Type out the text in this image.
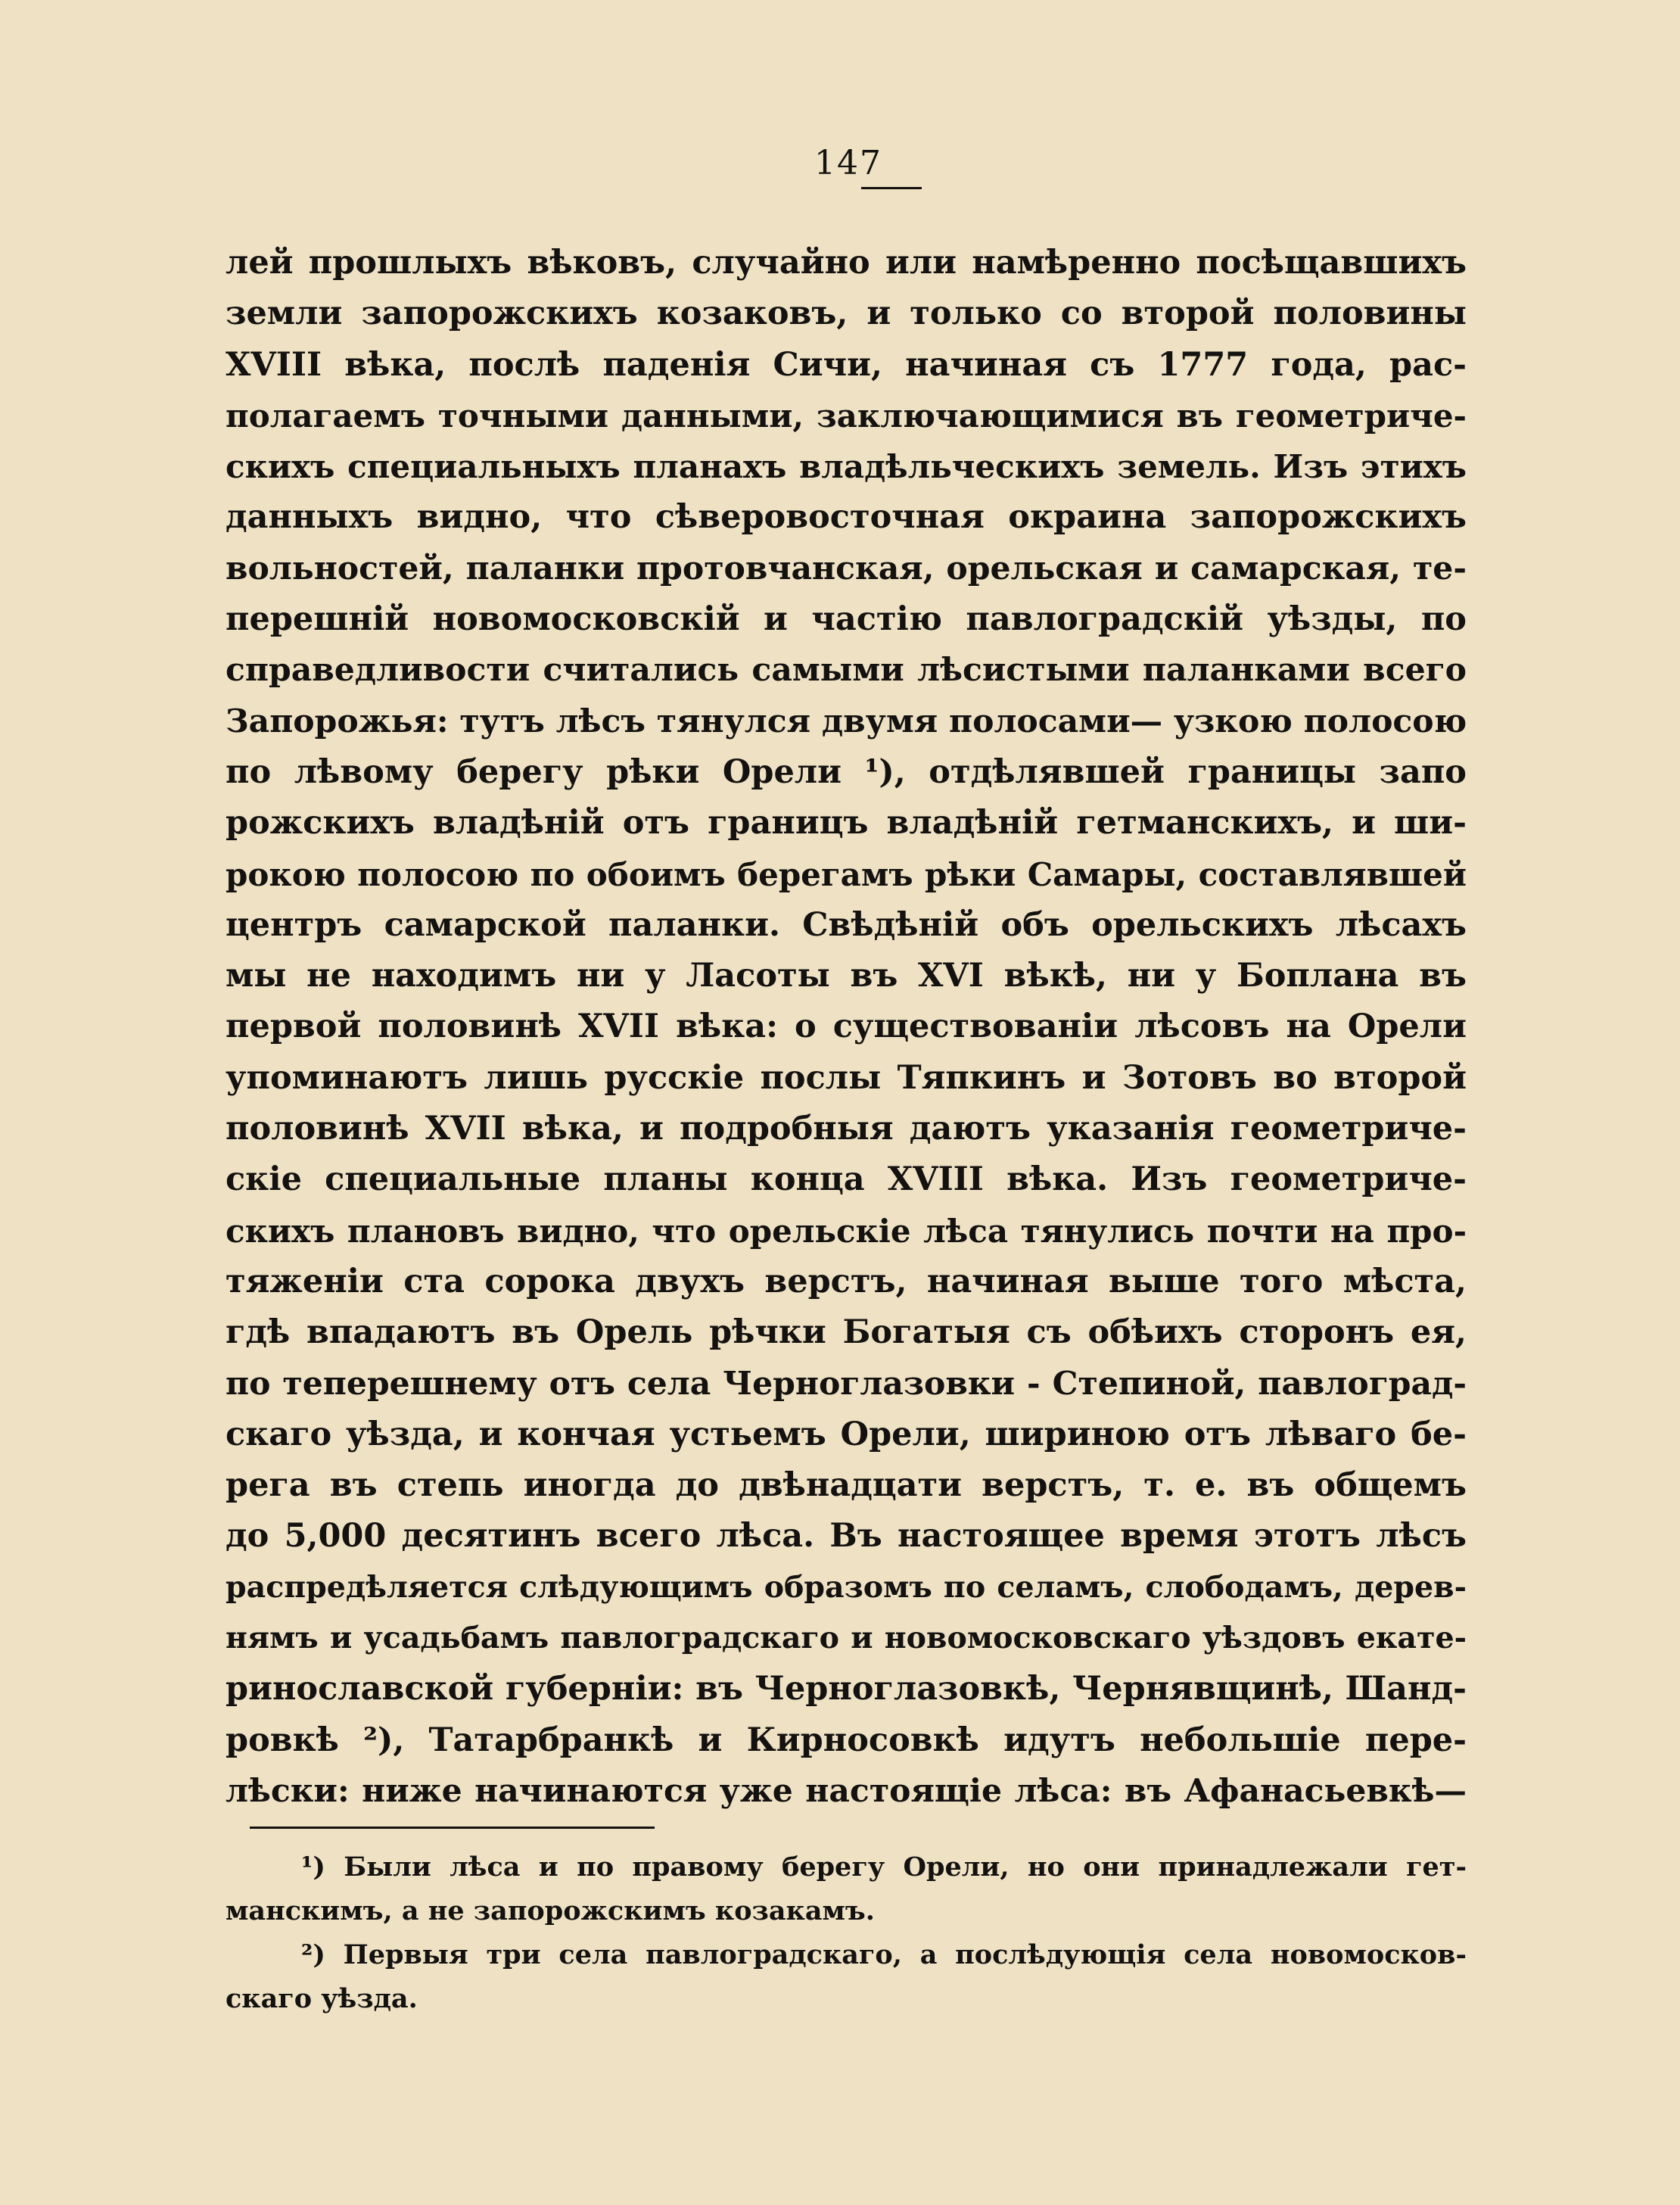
147
лей прошлыхъ вѣковъ, случайно или намѣренно посѣщавшихъ
земли запорожскихъ козаковъ, и только со второй половины
XVIII вѣка, послѣ паденія Сичи, начиная съ 1777 года, рас-
полагаемъ точными данными, заключающимися въ геометриче-
скихъ специальныхъ планахъ владѣльческихъ земель. Изъ этихъ
данныхъ видно, что сѣверовосточная окраина запорожскихъ
вольностей, паланки протовчанская, орельская и самарская, те-
перешній новомосковскій и частію павлоградскій уѣзды, по
справедливости считались самыми лѣсистыми паланками всего
Запорожья: тутъ лѣсъ тянулся двумя полосами— узкою полосою
по лѣвому берегу рѣки Орели ¹), отдѣлявшей границы запо
рожскихъ владѣній отъ границъ владѣній гетманскихъ, и ши-
рокою полосою по обоимъ берегамъ рѣки Самары, составлявшей
центръ самарской паланки. Свѣдѣній объ орельскихъ лѣсахъ
мы не находимъ ни у Ласоты въ XVI вѣкѣ, ни у Боплана въ
первой половинѣ XVII вѣка: о существованіи лѣсовъ на Орели
упоминаютъ лишь русскіе послы Тяпкинъ и Зотовъ во второй
половинѣ XVII вѣка, и подробныя даютъ указанія геометриче-
скіе специальные планы конца XVIII вѣка. Изъ геометриче-
скихъ плановъ видно, что орельскіе лѣса тянулись почти на про-
тяженіи ста сорока двухъ верстъ, начиная выше того мѣста,
гдѣ впадаютъ въ Орель рѣчки Богатыя съ обѣихъ сторонъ ея,
по теперешнему отъ села Черноглазовки - Степиной, павлоград-
скаго уѣзда, и кончая устьемъ Орели, шириною отъ лѣваго бе-
рега въ степь иногда до двѣнадцати верстъ, т. е. въ общемъ
до 5,000 десятинъ всего лѣса. Въ настоящее время этотъ лѣсъ
распредѣляется слѣдующимъ образомъ по селамъ, слободамъ, дерев-
нямъ и усадьбамъ павлоградскаго и новомосковскаго уѣздовъ екате-
ринославской губерніи: въ Черноглазовкѣ, Чернявщинѣ, Шанд-
ровкѣ ²), Татарбранкѣ и Кирносовкѣ идутъ небольшіе пере-
лѣски: ниже начинаются уже настоящіе лѣса: въ Афанасьевкѣ—
¹) Были лѣса и по правому берегу Орели, но они принадлежали гет-
манскимъ, а не запорожскимъ козакамъ.
²) Первыя три села павлоградскаго, а послѣдующія села новомосков-
скаго уѣзда.
